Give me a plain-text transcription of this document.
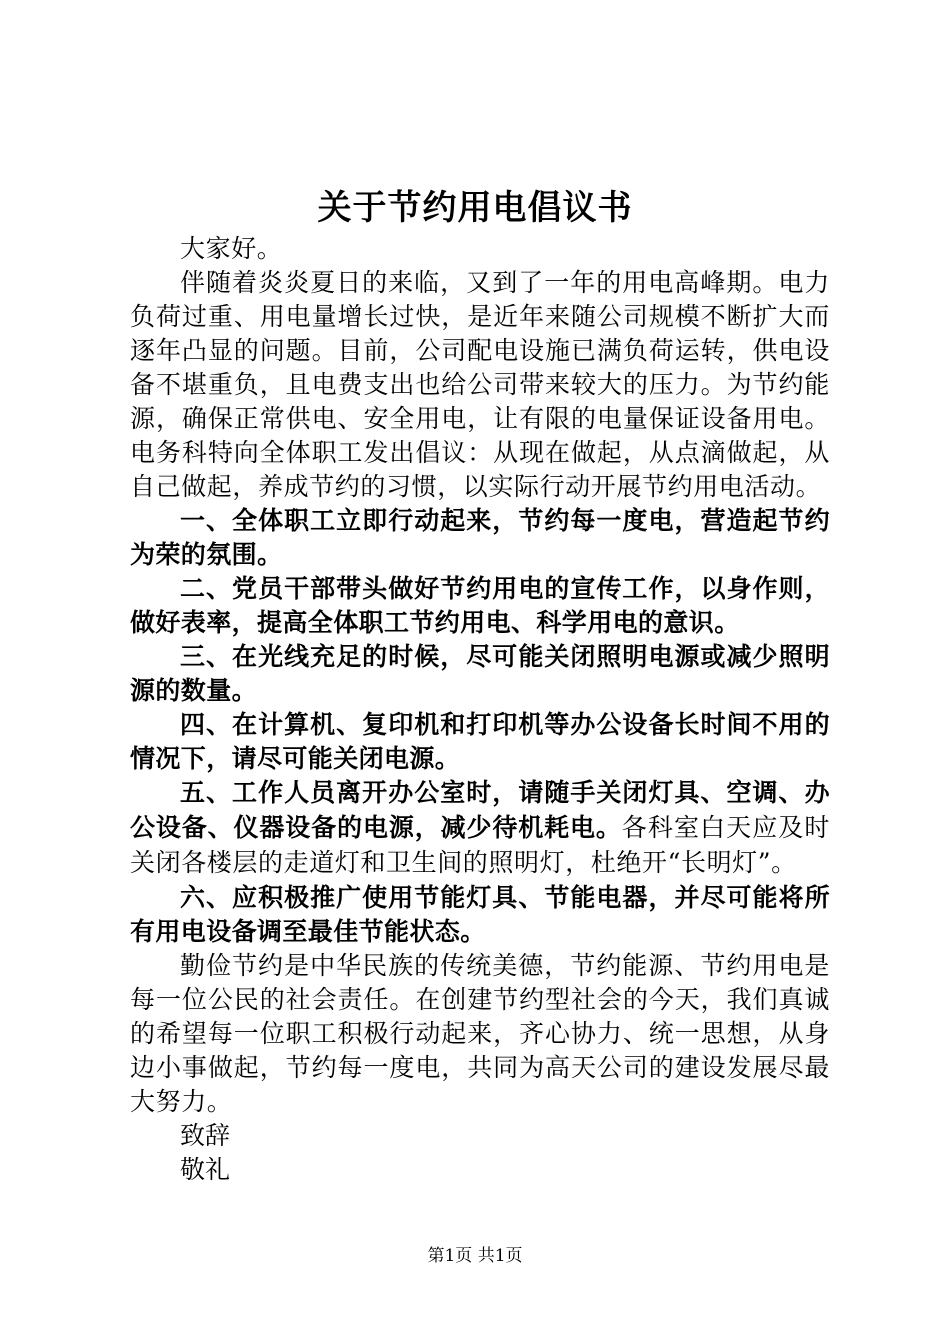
关于节约用电倡议书

大家好。

伴随着炎炎夏日的来临，又到了一年的用电高峰期。电力负荷过重、用电量增长过快，是近年来随公司规模不断扩大而逐年凸显的问题。目前，公司配电设施已满负荷运转，供电设备不堪重负，且电费支出也给公司带来较大的压力。为节约能源，确保正常供电、安全用电，让有限的电量保证设备用电。电务科特向全体职工发出倡议：从现在做起，从点滴做起，从自己做起，养成节约的习惯，以实际行动开展节约用电活动。

一、全体职工立即行动起来，节约每一度电，营造起节约为荣的氛围。

二、党员干部带头做好节约用电的宣传工作，以身作则，做好表率，提高全体职工节约用电、科学用电的意识。

三、在光线充足的时候，尽可能关闭照明电源或减少照明源的数量。

四、在计算机、复印机和打印机等办公设备长时间不用的情况下，请尽可能关闭电源。

五、工作人员离开办公室时，请随手关闭灯具、空调、办公设备、仪器设备的电源，减少待机耗电。各科室白天应及时关闭各楼层的走道灯和卫生间的照明灯，杜绝开“长明灯”。

六、应积极推广使用节能灯具、节能电器，并尽可能将所有用电设备调至最佳节能状态。

勤俭节约是中华民族的传统美德，节约能源、节约用电是每一位公民的社会责任。在创建节约型社会的今天，我们真诚的希望每一位职工积极行动起来，齐心协力、统一思想，从身边小事做起，节约每一度电，共同为高天公司的建设发展尽最大努力。

致辞

敬礼

第1页 共1页
